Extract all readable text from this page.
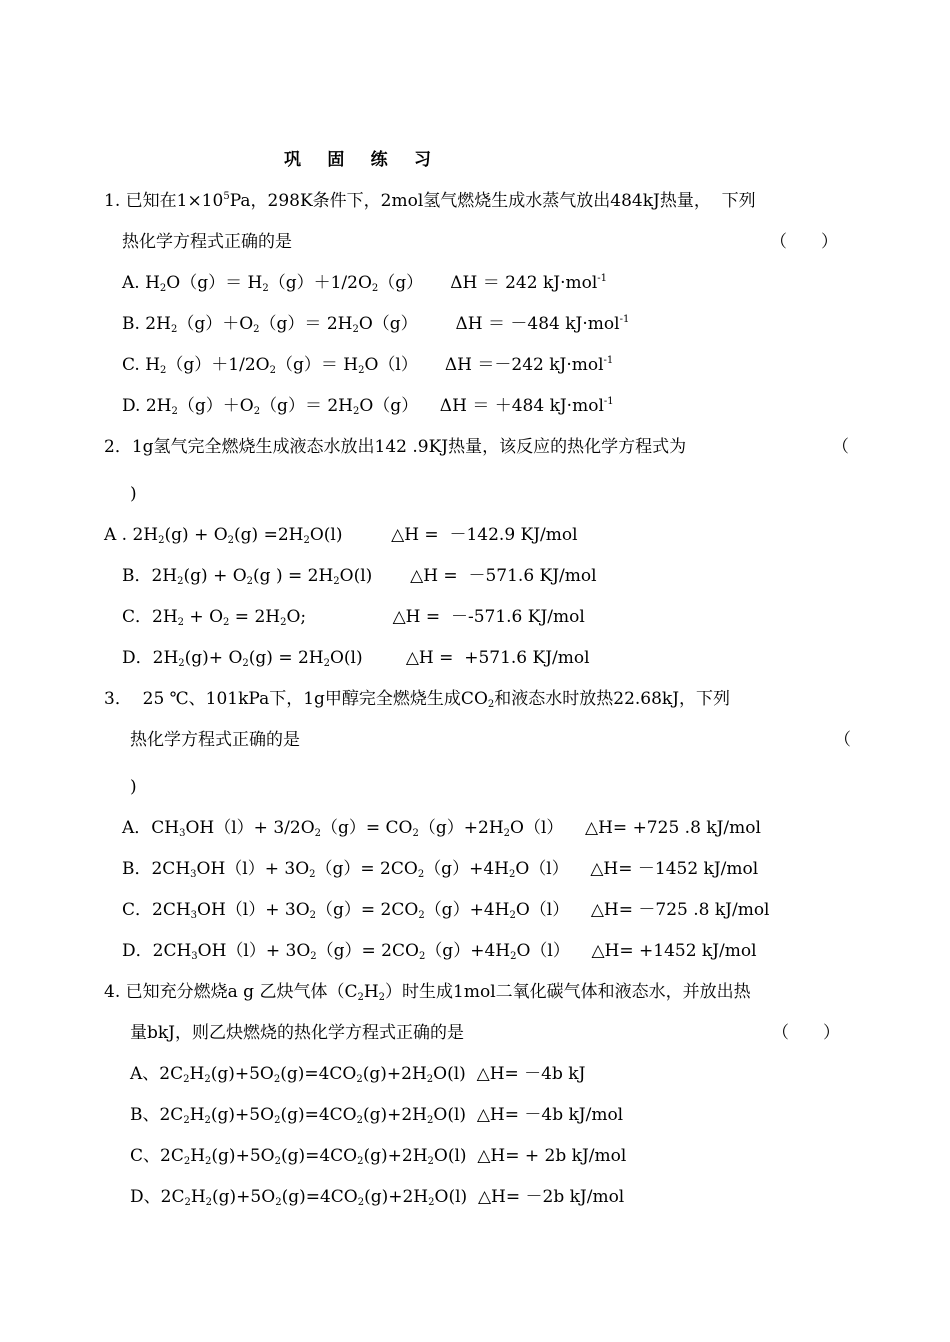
巩 固 练 习
1. 已知在$1\times 10^5Pa$，298K条件下，2mol氢气燃烧生成水蒸气放出484kJ热量，  下列
热化学方程式正确的是	（　　）
A. $H_2O(g)= H_2(g)+1/2O_2(g)$     ΔH ＝ 242 kJ·mol$^{-1}$
B. $2H_2(g)+O_2(g)= 2H_2O(g)$       ΔH ＝ －484 kJ·mol$^{-1}$
C. $H_2(g)+1/2O_2(g)= H_2O(l)$     ΔH ＝－242 kJ·mol$^{-1}$
D. $2H_2(g)+O_2(g)= 2H_2O(g)$    ΔH ＝ ＋484 kJ·mol$^{-1}$
2．1g氢气完全燃烧生成液态水放出142 .9KJ热量，该反应的热化学方程式为	（
)
A . $2H_2(g) + O_2(g) =2H_2O(l)$         △H =  －142.9 KJ/mol
B．$2H_2(g) + O_2(g$ ) = $2H_2O(l)$       △H =  －571.6 KJ/mol
C．$2H_2 + O_2 = 2H_2O$;                △H =  －-571.6 KJ/mol
D．$2H_2(g)+ O_2(g) = 2H_2O(l)$        △H =  +571.6 KJ/mol
3．  25 ℃、101kPa下，1g甲醇完全燃烧生成$CO_2$和液态水时放热22.68kJ，下列
热化学方程式正确的是	（
)
A．$CH_3OH(l)+ 3/2O_2(g)= CO_2(g)+2H_2O(l)$    △H= +725 .8 kJ/mol
B．$2CH_3OH(l)+ 3O_2(g)= 2CO_2(g)+4H_2O(l)$    △H= －1452 kJ/mol
C．$2CH_3OH(l)+ 3O_2(g)= 2CO_2(g)+4H_2O(l)$    △H= －725 .8 kJ/mol
D．$2CH_3OH(l)+ 3O_2(g)= 2CO_2(g)+4H_2O(l)$    △H= +1452 kJ/mol
4. 已知充分燃烧a g 乙炔气体$(C_2H_2)$时生成1mol二氧化碳气体和液态水，并放出热
量bkJ，则乙炔燃烧的热化学方程式正确的是	（　　）
A、$2C_2H_2(g)+5O_2(g)=4CO_2(g)+2H_2O(l)$  △H= －4b kJ
B、$2C_2H_2(g)+5O_2(g)=4CO_2(g)+2H_2O(l)$  △H= －4b kJ/mol
C、$2C_2H_2(g)+5O_2(g)=4CO_2(g)+2H_2O(l)$  △H= + 2b kJ/mol
D、$2C_2H_2(g)+5O_2(g)=4CO_2(g)+2H_2O(l)$  △H= －2b kJ/mol
